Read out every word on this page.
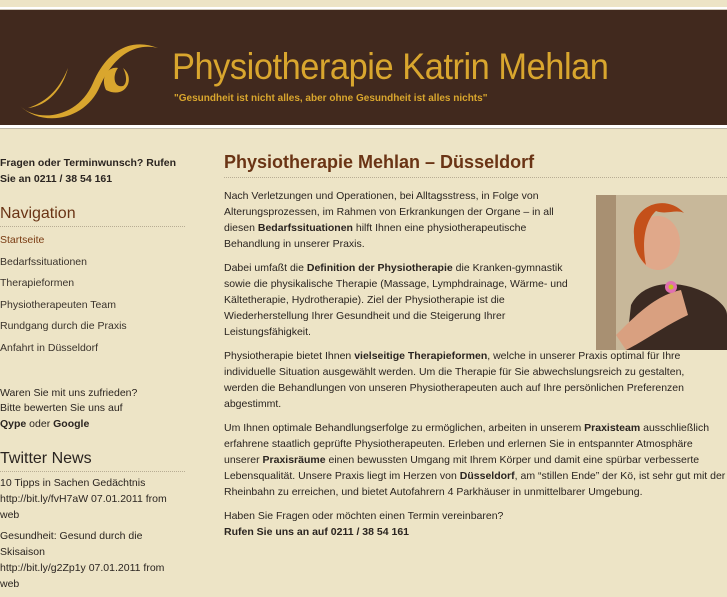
Physiotherapie Katrin Mehlan
"Gesundheit ist nicht alles, aber ohne Gesundheit ist alles nichts"
Fragen oder Terminwunsch? Rufen
Sie an 0211 / 38 54 161
Navigation
Startseite
Bedarfssituationen
Therapieformen
Physiotherapeuten Team
Rundgang durch die Praxis
Anfahrt in Düsseldorf
Waren Sie mit uns zufrieden?
Bitte bewerten Sie uns auf
Qype oder Google
Twitter News

10 Tipps in Sachen Gedächtnis
http://bit.ly/fvH7aW 07.01.2011 from web

Gesundheit: Gesund durch die Skisaison
http://bit.ly/g2Zp1y 07.01.2011 from web

Physiotherapie Mehlan – Düsseldorf

Nach Verletzungen und Operationen, bei Alltagsstress, in Folge von Alterungsprozessen, im Rahmen von Erkrankungen der Organe – in all diesen Bedarfssituationen hilft Ihnen eine physiotherapeutische Behandlung in unserer Praxis.

Dabei umfaßt die Definition der Physiotherapie die Kranken-gymnastik sowie die physikalische Therapie (Massage, Lymphdrainage, Wärme- und Kältetherapie, Hydrotherapie). Ziel der Physiotherapie ist die Wiederherstellung Ihrer Gesundheit und die Steigerung Ihrer Leistungsfähigkeit.

Physiotherapie bietet Ihnen vielseitige Therapieformen, welche in unserer Praxis optimal für Ihre individuelle Situation ausgewählt werden. Um die Therapie für Sie abwechslungsreich zu gestalten, werden die Behandlungen von unseren Physiotherapeuten auch auf Ihre persönlichen Preferenzen abgestimmt.

Um Ihnen optimale Behandlungserfolge zu ermöglichen, arbeiten in unserem Praxisteam ausschließlich erfahrene staatlich geprüfte Physiotherapeuten. Erleben und erlernen Sie in entspannter Atmosphäre unserer Praxisräume einen bewussten Umgang mit Ihrem Körper und damit eine spürbar verbesserte Lebensqualität. Unsere Praxis liegt im Herzen von Düsseldorf, am “stillen Ende” der Kö, ist sehr gut mit der Rheinbahn zu erreichen, und bietet Autofahrern 4 Parkhäuser in unmittelbarer Umgebung.

Haben Sie Fragen oder möchten einen Termin vereinbaren?
Rufen Sie uns an auf 0211 / 38 54 161
